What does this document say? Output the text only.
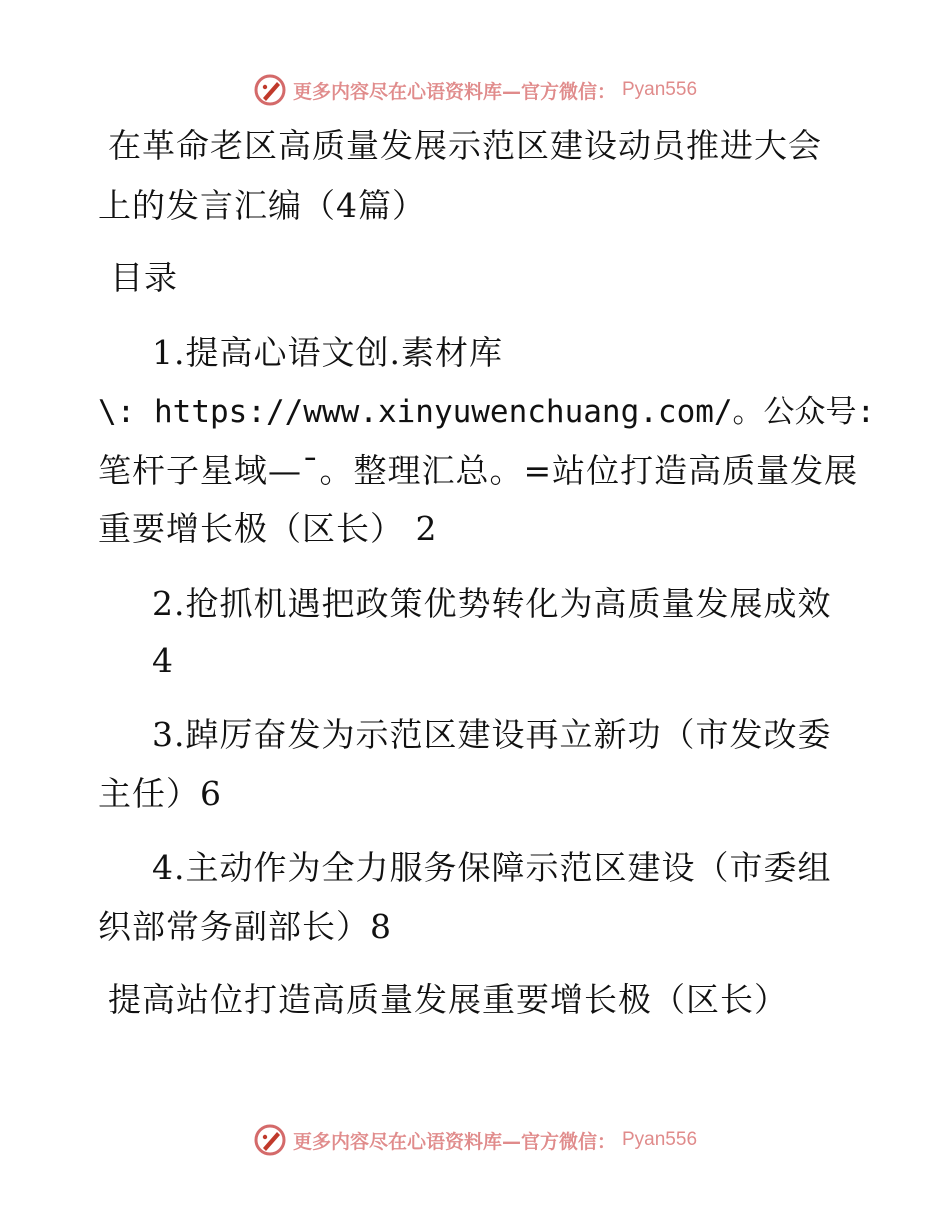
更多内容尽在心语资料库—官方微信： Pyan556
在革命老区高质量发展示范区建设动员推进大会
上的发言汇编（4篇）
目录
1.提高心语文创.素材库
\: https://www.xinyuwenchuang.com/。公众号:
笔杆子星域—¯。整理汇总。=站位打造高质量发展
重要增长极（区长） 2
2.抢抓机遇把政策优势转化为高质量发展成效
4
3.踔厉奋发为示范区建设再立新功（市发改委
主任）6
4.主动作为全力服务保障示范区建设（市委组
织部常务副部长）8
提高站位打造高质量发展重要增长极（区长）
更多内容尽在心语资料库—官方微信： Pyan556
